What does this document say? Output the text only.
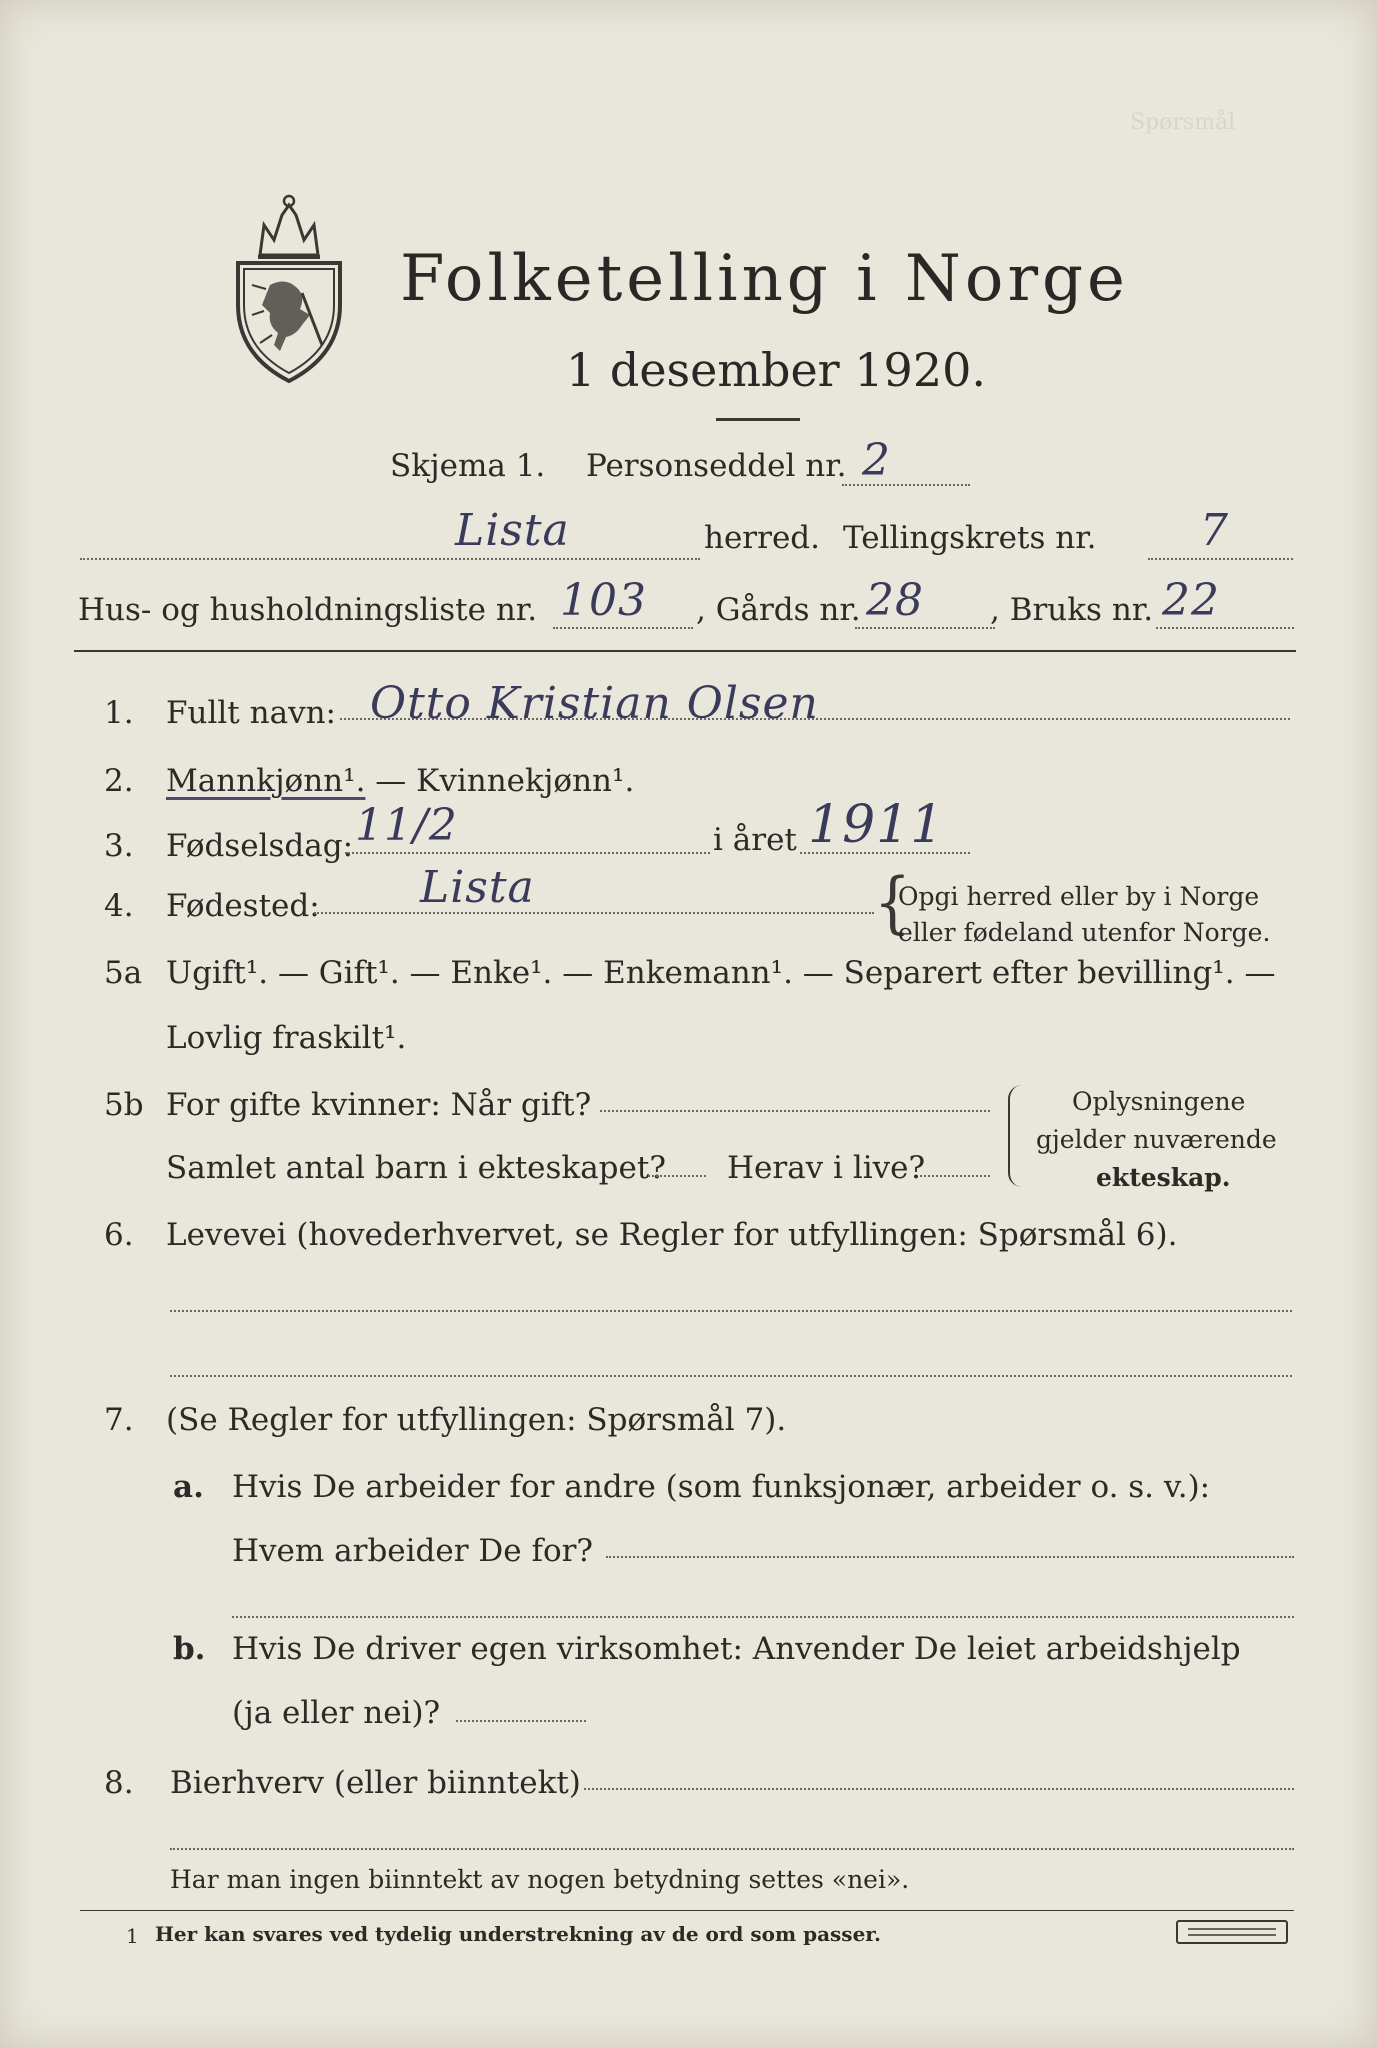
Spørsmål
Folketelling i Norge
1 desember 1920.
Skjema 1. Personseddel nr. 2
Lista	herred. Tellingskrets nr. 7
Hus- og husholdningsliste nr. 103 , Gårds nr. 28 , Bruks nr. 22
1. Fullt navn: Otto Kristian Olsen
2. Mannkjønn¹. — Kvinnekjønn¹.
3. Fødselsdag: 11/2	i året 1911
4. Fødested: Lista	{
Opgi herred eller by i Norge
eller fødeland utenfor Norge.
5a Ugift¹. — Gift¹. — Enke¹. — Enkemann¹. — Separert efter bevilling¹. —
Lovlig fraskilt¹.
5b For gifte kvinner: Når gift?
Samlet antal barn i ekteskapet? Herav i live?
Oplysningene
gjelder nuværende
ekteskap.
6. Levevei (hovederhvervet, se Regler for utfyllingen: Spørsmål 6).
7. (Se Regler for utfyllingen: Spørsmål 7).
a. Hvis De arbeider for andre (som funksjonær, arbeider o. s. v.):
Hvem arbeider De for?
b. Hvis De driver egen virksomhet: Anvender De leiet arbeidshjelp
(ja eller nei)?
8. Bierhverv (eller biinntekt)
Har man ingen biinntekt av nogen betydning settes «nei».
1 Her kan svares ved tydelig understrekning av de ord som passer.
